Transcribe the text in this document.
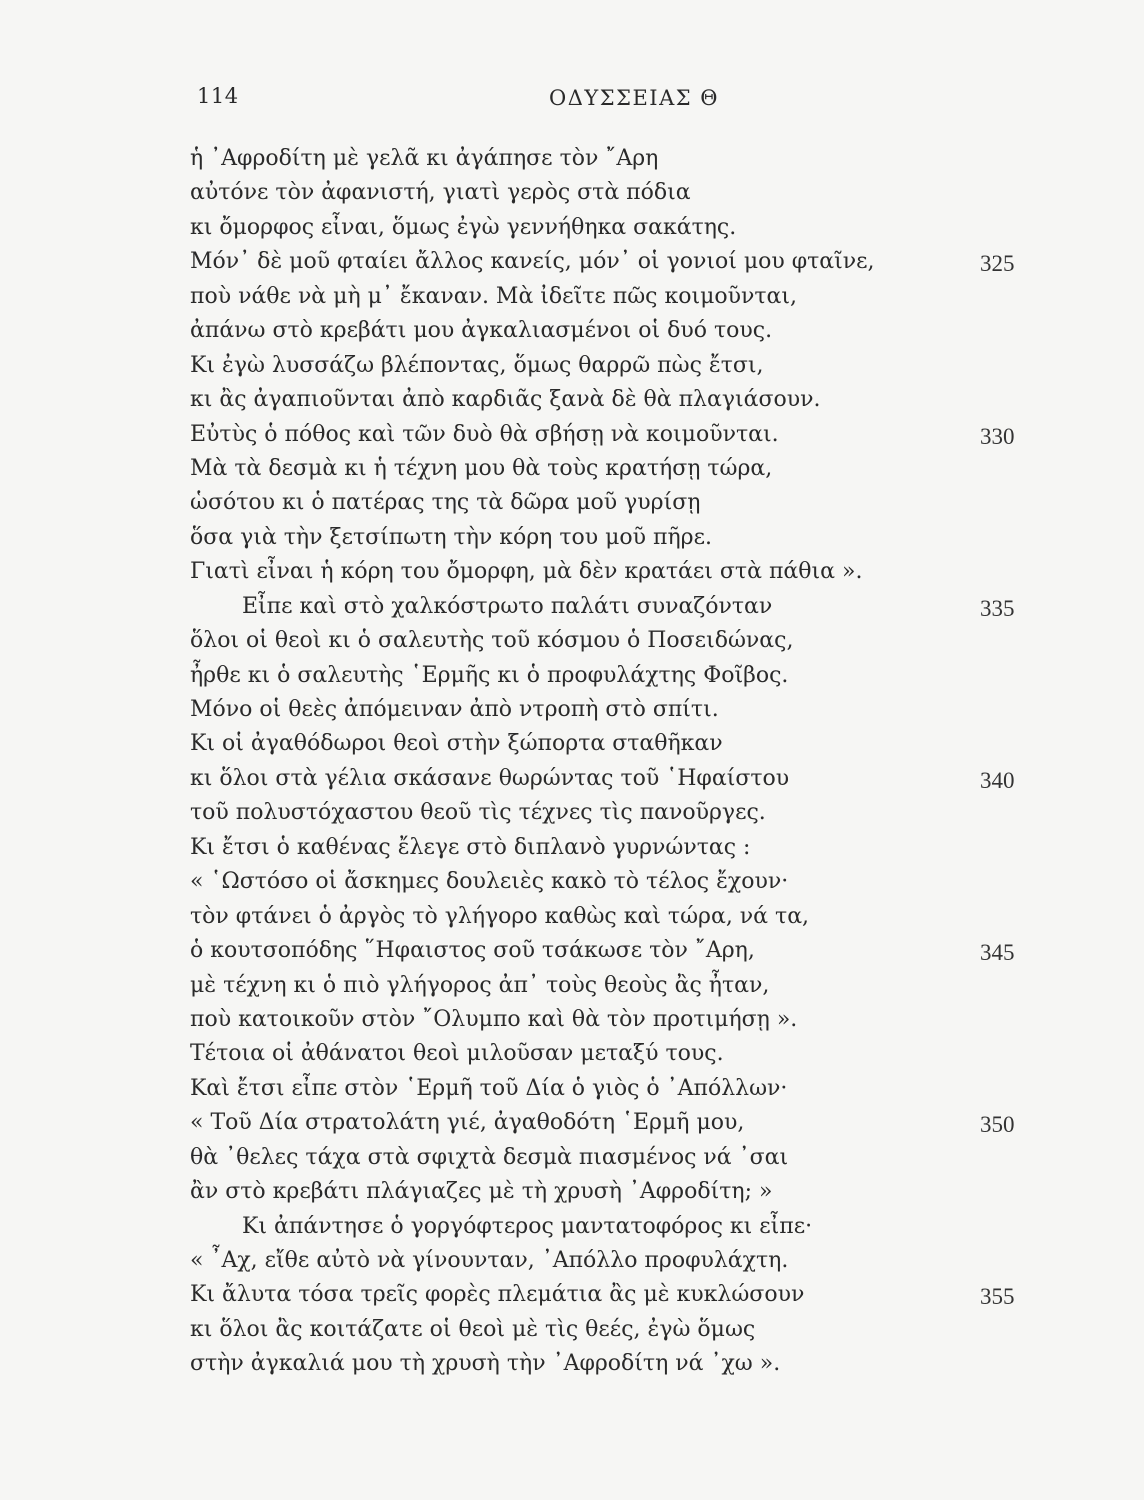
114	ΟΔΥΣΣΕΙΑΣ Θ
ἡ ᾿Αφροδίτη μὲ γελᾶ κι ἀγάπησε τὸν ῎Αρη
αὐτόνε τὸν ἀφανιστή, γιατὶ γερὸς στὰ πόδια
κι ὄμορφος εἶναι, ὅμως ἐγὼ γεννήθηκα σακάτης.
Μόν᾿ δὲ μοῦ φταίει ἄλλος κανείς, μόν᾿ οἱ γονιοί μου φταῖνε,	325
ποὺ νάθε νὰ μὴ μ᾿ ἔκαναν. Μὰ ἰδεῖτε πῶς κοιμοῦνται,
ἀπάνω στὸ κρεβάτι μου ἀγκαλιασμένοι οἱ δυό τους.
Κι ἐγὼ λυσσάζω βλέποντας, ὅμως θαρρῶ πὼς ἔτσι,
κι ἂς ἀγαπιοῦνται ἀπὸ καρδιᾶς ξανὰ δὲ θὰ πλαγιάσουν.
Εὐτὺς ὁ πόθος καὶ τῶν δυὸ θὰ σβήσῃ νὰ κοιμοῦνται.	330
Μὰ τὰ δεσμὰ κι ἡ τέχνη μου θὰ τοὺς κρατήσῃ τώρα,
ὡσότου κι ὁ πατέρας της τὰ δῶρα μοῦ γυρίσῃ
ὅσα γιὰ τὴν ξετσίπωτη τὴν κόρη του μοῦ πῆρε.
Γιατὶ εἶναι ἡ κόρη του ὄμορφη, μὰ δὲν κρατάει στὰ πάθια ».
Εἶπε καὶ στὸ χαλκόστρωτο παλάτι συναζόνταν	335
ὅλοι οἱ θεοὶ κι ὁ σαλευτὴς τοῦ κόσμου ὁ Ποσειδώνας,
ἦρθε κι ὁ σαλευτὴς ῾Ερμῆς κι ὁ προφυλάχτης Φοῖβος.
Μόνο οἱ θεὲς ἀπόμειναν ἀπὸ ντροπὴ στὸ σπίτι.
Κι οἱ ἀγαθόδωροι θεοὶ στὴν ξώπορτα σταθῆκαν
κι ὅλοι στὰ γέλια σκάσανε θωρώντας τοῦ ῾Ηφαίστου	340
τοῦ πολυστόχαστου θεοῦ τὶς τέχνες τὶς πανοῦργες.
Κι ἔτσι ὁ καθένας ἔλεγε στὸ διπλανὸ γυρνώντας :
« ῾Ωστόσο οἱ ἄσκημες δουλειὲς κακὸ τὸ τέλος ἔχουν·
τὸν φτάνει ὁ ἀργὸς τὸ γλήγορο καθὼς καὶ τώρα, νά τα,
ὁ κουτσοπόδης ῞Ηφαιστος σοῦ τσάκωσε τὸν ῎Αρη,	345
μὲ τέχνη κι ὁ πιὸ γλήγορος ἀπ᾿ τοὺς θεοὺς ἂς ἦταν,
ποὺ κατοικοῦν στὸν ῎Ολυμπο καὶ θὰ τὸν προτιμήσῃ ».
Τέτοια οἱ ἀθάνατοι θεοὶ μιλοῦσαν μεταξύ τους.
Καὶ ἔτσι εἶπε στὸν ῾Ερμῆ τοῦ Δία ὁ γιὸς ὁ ᾿Απόλλων·
« Τοῦ Δία στρατολάτη γιέ, ἀγαθοδότη ῾Ερμῆ μου,	350
θὰ ᾿θελες τάχα στὰ σφιχτὰ δεσμὰ πιασμένος νά ᾿σαι
ἂν στὸ κρεβάτι πλάγιαζες μὲ τὴ χρυσὴ ᾿Αφροδίτη; »
Κι ἀπάντησε ὁ γοργόφτερος μαντατοφόρος κι εἶπε·
« ῏Αχ, εἴθε αὐτὸ νὰ γίνουνταν, ᾿Απόλλο προφυλάχτη.
Κι ἄλυτα τόσα τρεῖς φορὲς πλεμάτια ἂς μὲ κυκλώσουν	355
κι ὅλοι ἂς κοιτάζατε οἱ θεοὶ μὲ τὶς θεές, ἐγὼ ὅμως
στὴν ἀγκαλιά μου τὴ χρυσὴ τὴν ᾿Αφροδίτη νά ᾿χω ».
